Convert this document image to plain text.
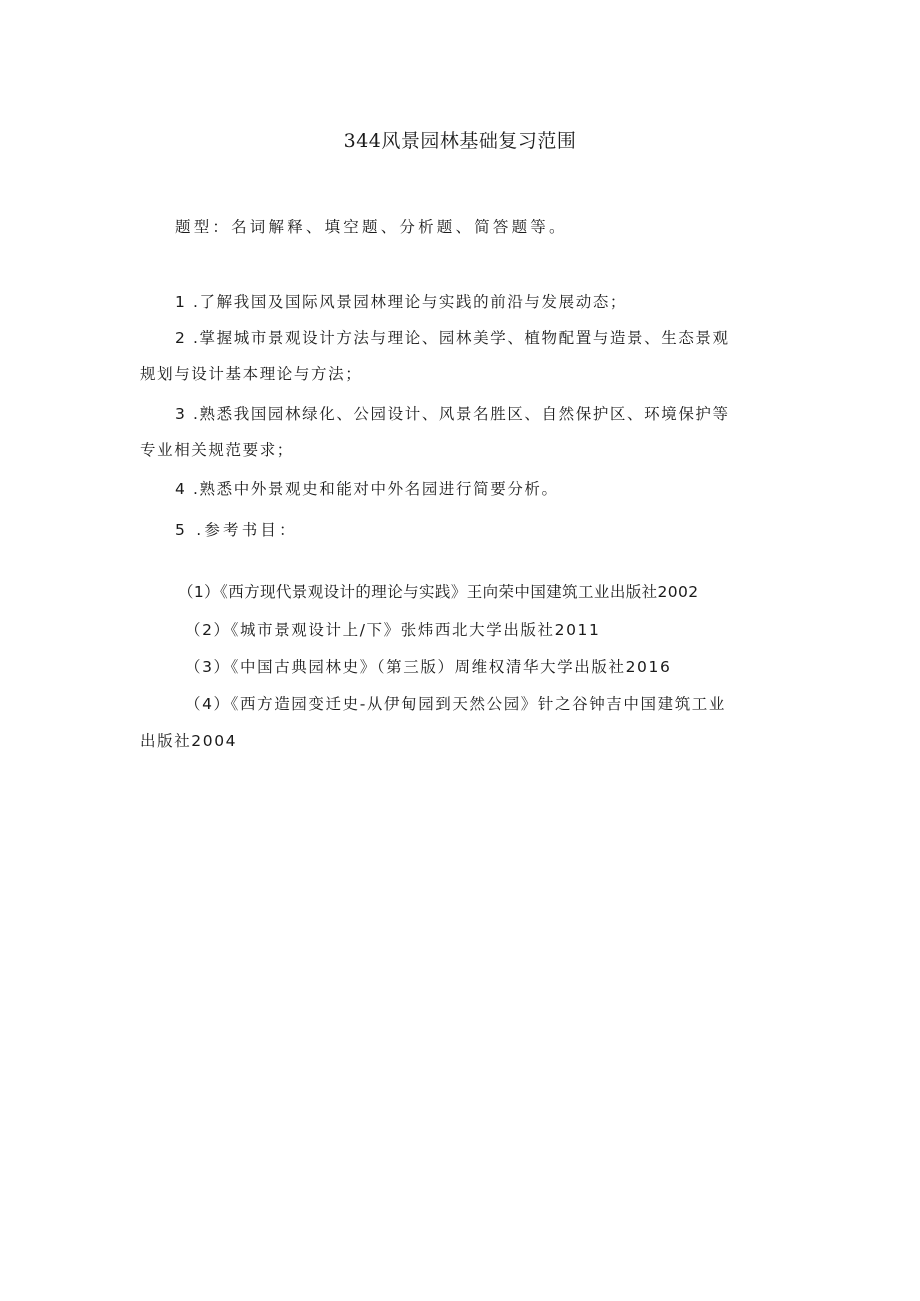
344风景园林基础复习范围
题型：名词解释、填空题、分析题、简答题等。
1 .了解我国及国际风景园林理论与实践的前沿与发展动态；
2 .掌握城市景观设计方法与理论、园林美学、植物配置与造景、生态景观
规划与设计基本理论与方法；
3 .熟悉我国园林绿化、公园设计、风景名胜区、自然保护区、环境保护等
专业相关规范要求；
4 .熟悉中外景观史和能对中外名园进行简要分析。
5 .参考书目：
（1）《西方现代景观设计的理论与实践》王向荣中国建筑工业出版社2002
（2）《城市景观设计上/下》张炜西北大学出版社2011
（3）《中国古典园林史》（第三版）周维权清华大学出版社2016
（4）《西方造园变迁史-从伊甸园到天然公园》针之谷钟吉中国建筑工业
出版社2004
